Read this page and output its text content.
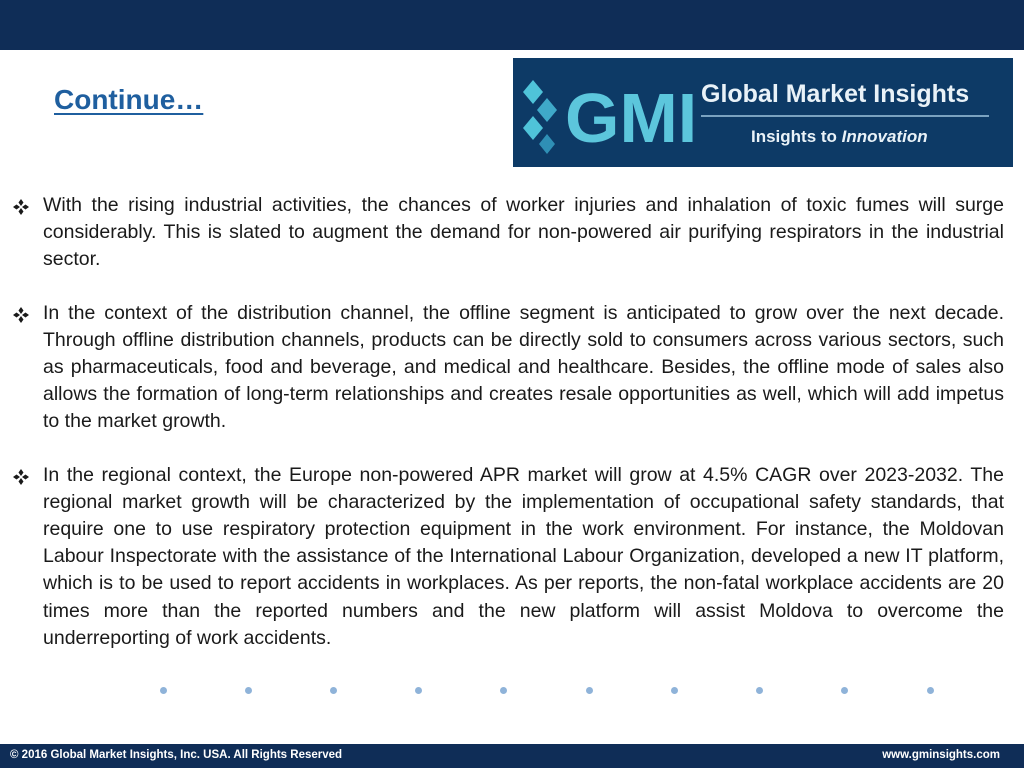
Continue…	GMI Global Market Insights
Insights to Innovation
With the rising industrial activities, the chances of worker injuries and inhalation of toxic fumes will surge considerably. This is slated to augment the demand for non-powered air purifying respirators in the industrial sector.
In the context of the distribution channel, the offline segment is anticipated to grow over the next decade. Through offline distribution channels, products can be directly sold to consumers across various sectors, such as pharmaceuticals, food and beverage, and medical and healthcare. Besides, the offline mode of sales also allows the formation of long-term relationships and creates resale opportunities as well, which will add impetus to the market growth.
In the regional context, the Europe non-powered APR market will grow at 4.5% CAGR over 2023-2032. The regional market growth will be characterized by the implementation of occupational safety standards, that require one to use respiratory protection equipment in the work environment. For instance, the Moldovan Labour Inspectorate with the assistance of the International Labour Organization, developed a new IT platform, which is to be used to report accidents in workplaces. As per reports, the non-fatal workplace accidents are 20 times more than the reported numbers and the new platform will assist Moldova to overcome the underreporting of work accidents.
© 2016 Global Market Insights, Inc. USA. All Rights Reserved	www.gminsights.com
